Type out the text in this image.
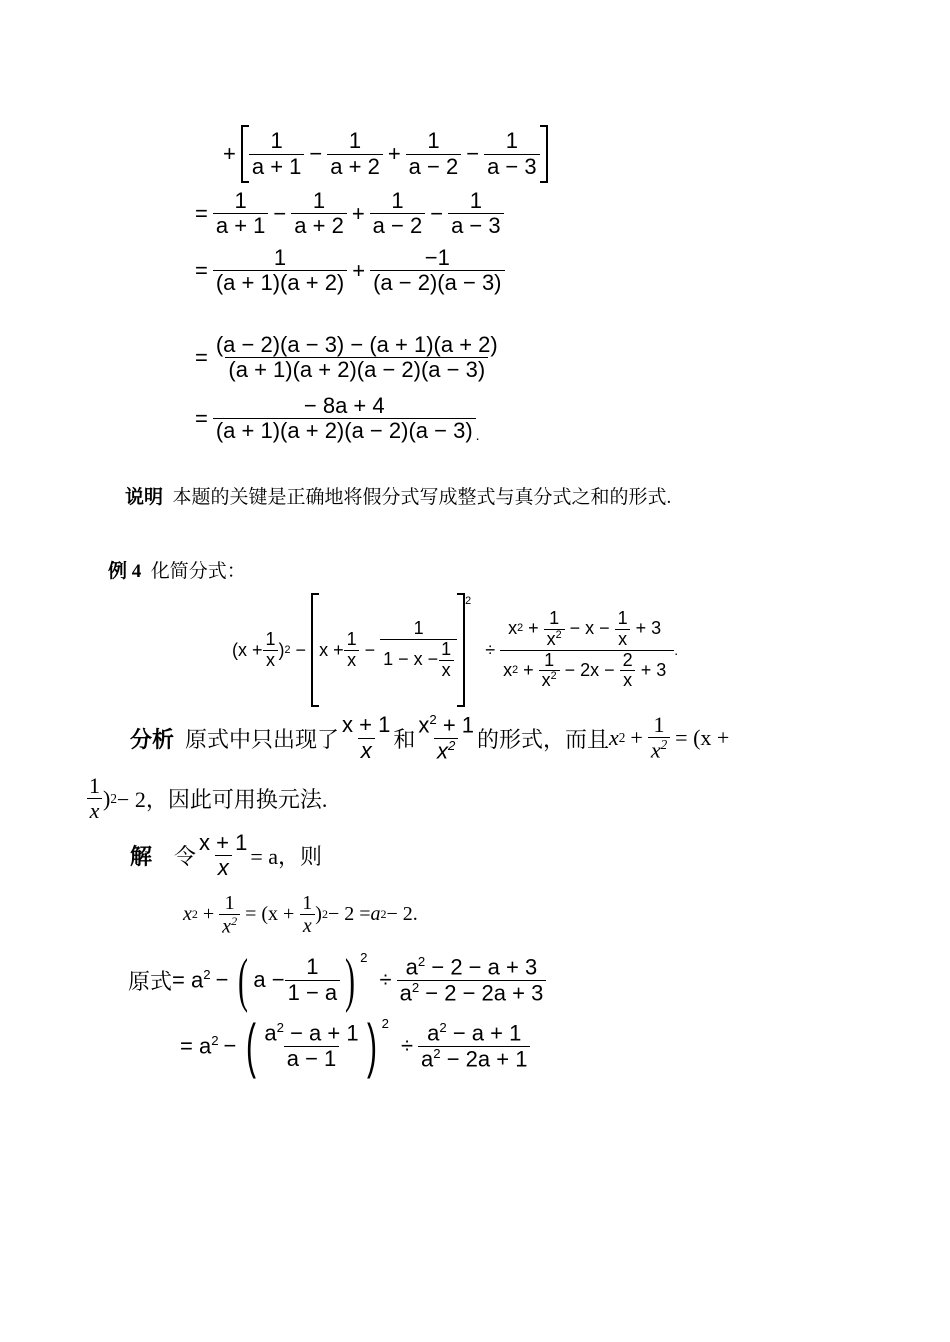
+ $\frac{1}{a + 1} - \frac{1}{a + 2} + \frac{1}{a - 2} - \frac{1}{a - 3}$
= $\frac{1}{a + 1} - \frac{1}{a + 2} + \frac{1}{a - 2} - \frac{1}{a - 3}$
= $\frac{1}{(a + 1)(a + 2)} + \frac{-1}{(a - 2)(a - 3)}$
= $\frac{(a - 2)(a - 3) - (a + 1)(a + 2)}{(a + 1)(a + 2)(a - 2)(a - 3)}$
= $\frac{- 8a + 4}{(a + 1)(a + 2)(a - 2)(a - 3)}$ .
说明 本题的关键是正确地将假分式写成整式与真分式之和的形式.
例 4 化简分式：
($x + \frac{1}{x}$ ) $2 - x + \frac{1}{x} - \frac{1}{1 - x - \frac{1}{x}}$
$^2$
÷ $\frac{x 2 + \frac{1}{x^2} - x - \frac{1}{x} + 3}{x 2 + \frac{1}{x^2} - 2x - \frac{2}{x} + 3}$ .
分析
原式中只出现了 $\frac{x + 1}{x}$ 和 $\frac{x^2 + 1}{x^2}$ 的形式，而且 x $2 + \frac{1}{x^2} = (x$ +
$\frac{1}{x}$ ) 2 − 2，因此可用换元法.
解
令 $\frac{x + 1}{x} = a$，则
x $2 + \frac{1}{x^2} = (x + \frac{1}{x}$ ) 2 − 2 = a 2 − 2.
原式 = $a^2$ − ( $a - \frac{1}{1 - a}$ ) $^2$
÷ $\frac{a^2 - 2 - a + 3}{a^2 - 2 - 2a + 3}$
= $a^2$ − ( $\frac{a^2 - a + 1}{a - 1}$ ) $^2$
÷ $\frac{a^2 - a + 1}{a^2 - 2a + 1}$
